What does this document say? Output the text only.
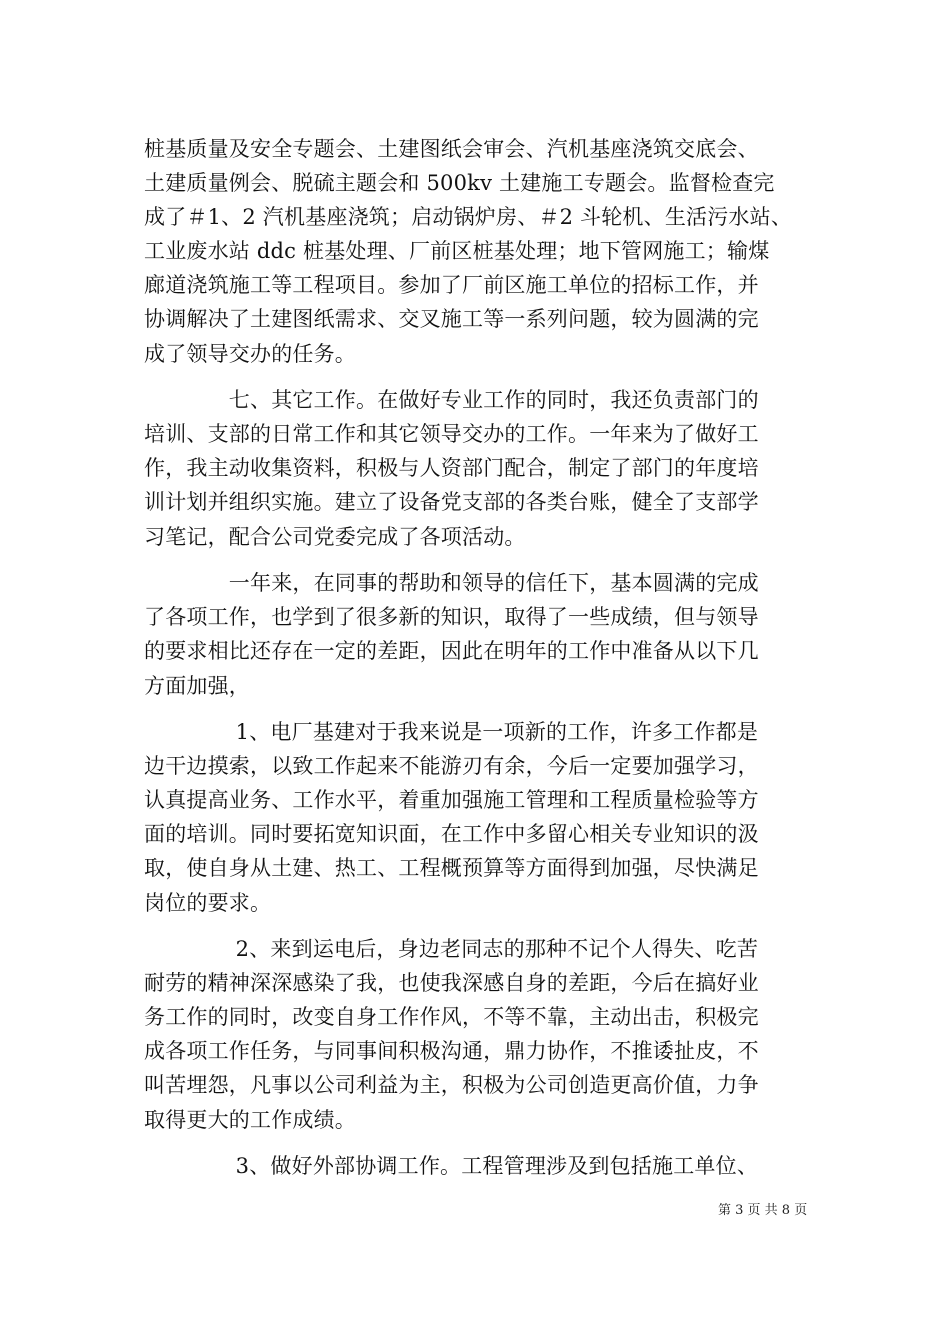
桩基质量及安全专题会、土建图纸会审会、汽机基座浇筑交底会、
土建质量例会、脱硫主题会和 500kv 土建施工专题会。监督检查完
成了＃1、2 汽机基座浇筑；启动锅炉房、＃2 斗轮机、生活污水站、
工业废水站 ddc 桩基处理、厂前区桩基处理；地下管网施工；输煤
廊道浇筑施工等工程项目。参加了厂前区施工单位的招标工作，并
协调解决了土建图纸需求、交叉施工等一系列问题，较为圆满的完
成了领导交办的任务。
　　　　七、其它工作。在做好专业工作的同时，我还负责部门的
培训、支部的日常工作和其它领导交办的工作。一年来为了做好工
作，我主动收集资料，积极与人资部门配合，制定了部门的年度培
训计划并组织实施。建立了设备党支部的各类台账，健全了支部学
习笔记，配合公司党委完成了各项活动。
　　　　一年来，在同事的帮助和领导的信任下，基本圆满的完成
了各项工作，也学到了很多新的知识，取得了一些成绩，但与领导
的要求相比还存在一定的差距，因此在明年的工作中准备从以下几
方面加强，
　　　　 1、电厂基建对于我来说是一项新的工作，许多工作都是
边干边摸索，以致工作起来不能游刃有余，今后一定要加强学习，
认真提高业务、工作水平，着重加强施工管理和工程质量检验等方
面的培训。同时要拓宽知识面，在工作中多留心相关专业知识的汲
取，使自身从土建、热工、工程概预算等方面得到加强，尽快满足
岗位的要求。
　　　　 2、来到运电后，身边老同志的那种不记个人得失、吃苦
耐劳的精神深深感染了我，也使我深感自身的差距，今后在搞好业
务工作的同时，改变自身工作作风，不等不靠，主动出击，积极完
成各项工作任务，与同事间积极沟通，鼎力协作，不推诿扯皮，不
叫苦埋怨，凡事以公司利益为主，积极为公司创造更高价值，力争
取得更大的工作成绩。
　　　　 3、做好外部协调工作。工程管理涉及到包括施工单位、
第 3 页 共 8 页
